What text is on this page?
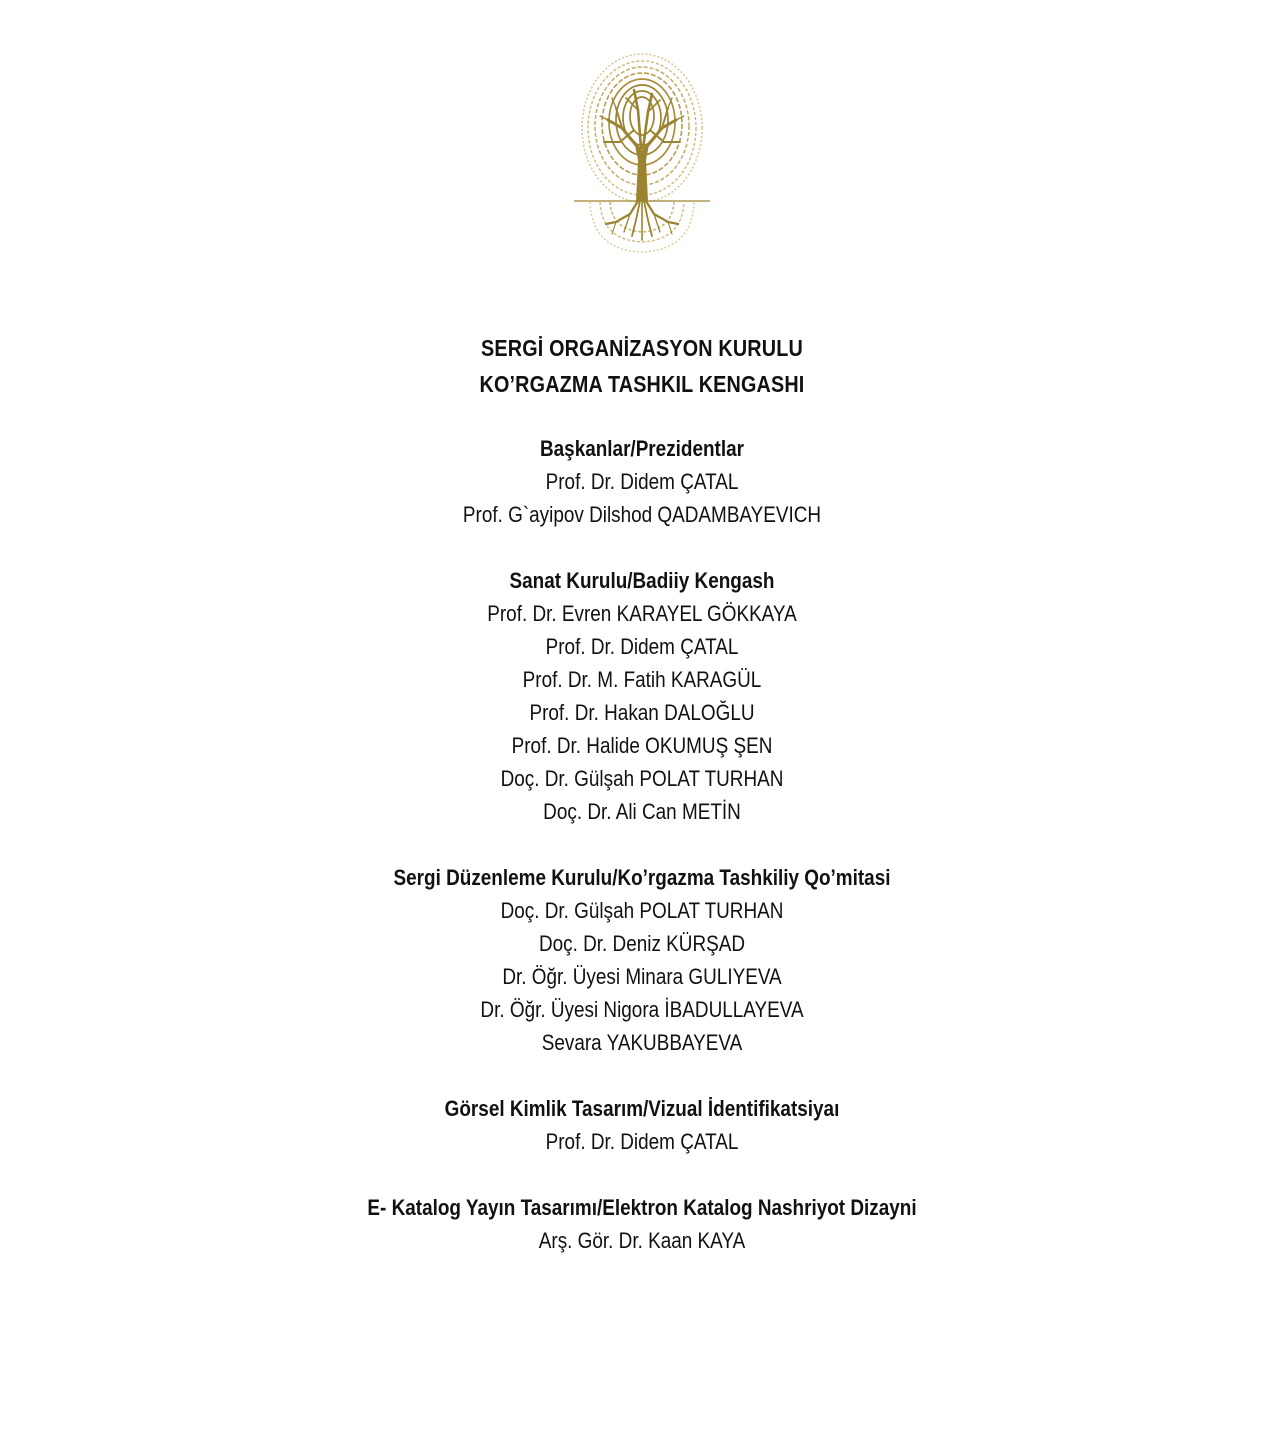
SERGİ ORGANİZASYON KURULU
KO’RGAZMA TASHKIL KENGASHI
Başkanlar/Prezidentlar
Prof. Dr. Didem ÇATAL
Prof. G`ayipov Dilshod QADAMBAYEVICH
Sanat Kurulu/Badiiy Kengash
Prof. Dr. Evren KARAYEL GÖKKAYA
Prof. Dr. Didem ÇATAL
Prof. Dr. M. Fatih KARAGÜL
Prof. Dr. Hakan DALOĞLU
Prof. Dr. Halide OKUMUŞ ŞEN
Doç. Dr. Gülşah POLAT TURHAN
Doç. Dr. Ali Can METİN
Sergi Düzenleme Kurulu/Ko’rgazma Tashkiliy Qo’mitasi
Doç. Dr. Gülşah POLAT TURHAN
Doç. Dr. Deniz KÜRŞAD
Dr. Öğr. Üyesi Minara GULIYEVA
Dr. Öğr. Üyesi Nigora İBADULLAYEVA
Sevara YAKUBBAYEVA
Görsel Kimlik Tasarım/Vizual İdentifikatsiyaı
Prof. Dr. Didem ÇATAL
E- Katalog Yayın Tasarımı/Elektron Katalog Nashriyot Dizayni
Arş. Gör. Dr. Kaan KAYA
